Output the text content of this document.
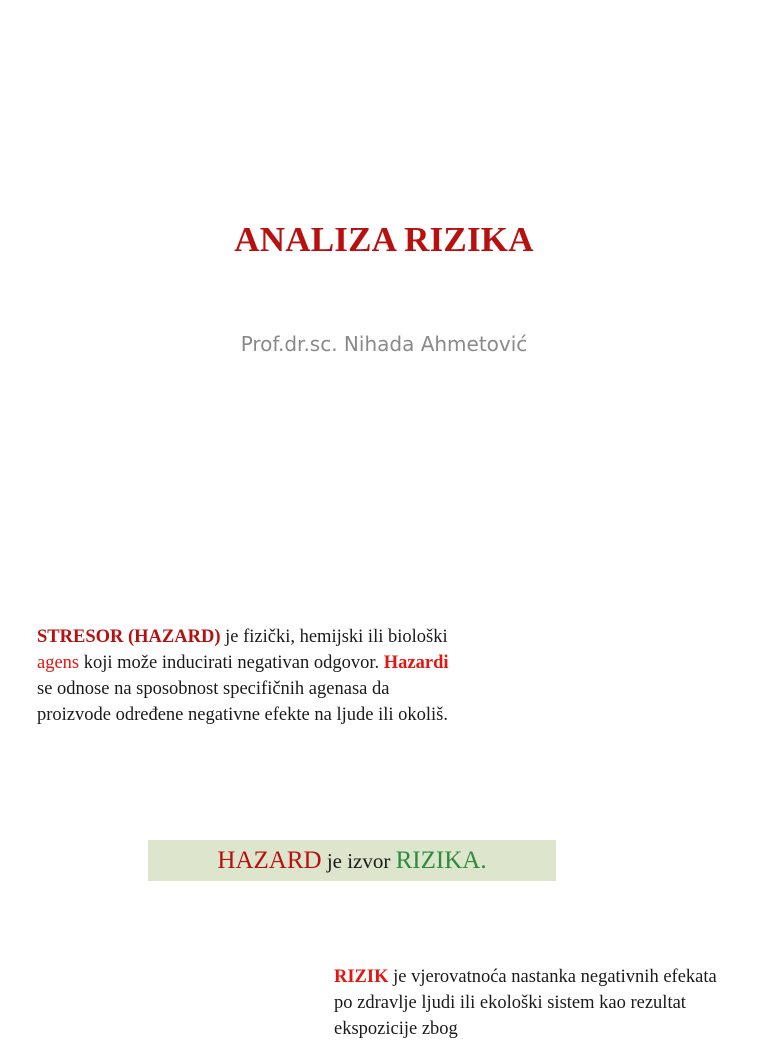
ANALIZA RIZIKA
Prof.dr.sc. Nihada Ahmetović
STRESOR (HAZARD) je fizički, hemijski ili biološki agens koji može inducirati negativan odgovor. Hazardi se odnose na sposobnost specifičnih agenasa da proizvode određene negativne efekte na ljude ili okoliš.
HAZARD je izvor RIZIKA.
RIZIK je vjerovatnoća nastanka negativnih efekata po zdravlje ljudi ili ekološki sistem kao rezultat ekspozicije zbog
